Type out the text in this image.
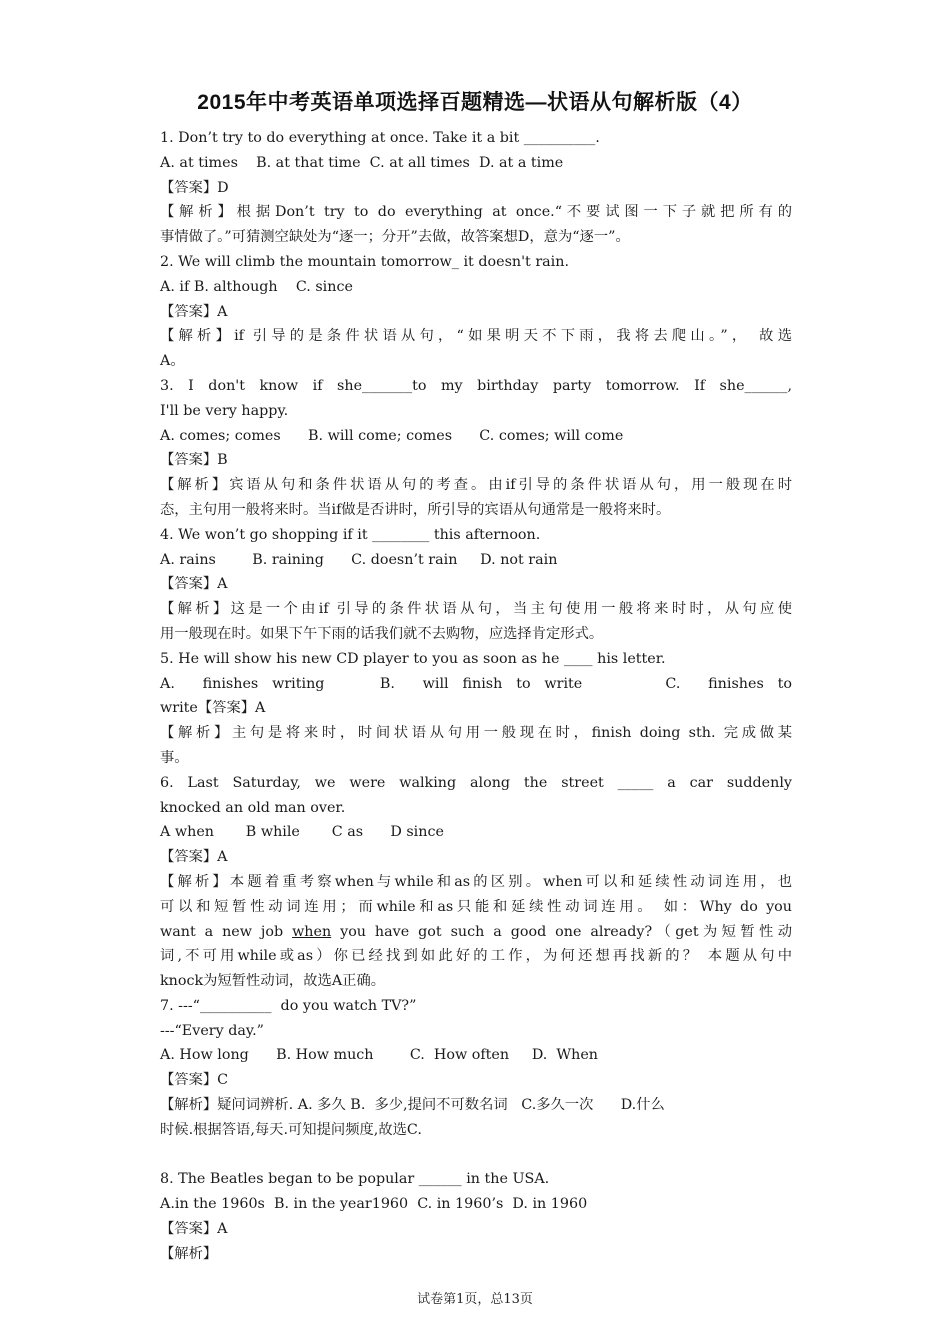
2015年中考英语单项选择百题精选—状语从句解析版（4）
1. Don’t try to do everything at once. Take it a bit __________.
A. at times    B. at that time  C. at all times  D. at a time
【答案】D
【解析】根据Don’t try to do everything at once.“不要试图一下子就把所有的
事情做了。”可猜测空缺处为“逐一；分开”去做，故答案想D，意为“逐一”。
2. We will climb the mountain tomorrow_ it doesn't rain.
A. if B. although    C. since
【答案】A
【解析】if 引导的是条件状语从句，“如果明天不下雨，我将去爬山。”， 故选
A。
3. I don't know if she_______to my birthday party tomorrow. If she______,
I'll be very happy.
A. comes; comes      B. will come; comes      C. comes; will come
【答案】B
【解析】宾语从句和条件状语从句的考查。由if引导的条件状语从句，用一般现在时
态，主句用一般将来时。当if做是否讲时，所引导的宾语从句通常是一般将来时。
4. We won’t go shopping if it ________ this afternoon.
A. rains        B. raining      C. doesn’t rain     D. not rain
【答案】A
【解析】这是一个由if 引导的条件状语从句，当主句使用一般将来时时，从句应使
用一般现在时。如果下午下雨的话我们就不去购物，应选择肯定形式。
5. He will show his new CD player to you as soon as he ____ his letter.
A.  finishes writing    B.  will finish to write      C.  finishes to
write【答案】A
【解析】主句是将来时，时间状语从句用一般现在时，finish doing sth. 完成做某
事。
6. Last Saturday, we were walking along the street _____ a car suddenly
knocked an old man over.
A when       B while       C as      D since
【答案】A
【解析】本题着重考察when与while和as的区别。when可以和延续性动词连用，也
可以和短暂性动词连用；而while和as只能和延续性动词连用。 如：Why do you
want a new job when you have got such a good one already?（get为短暂性动
词,不可用while或as）你已经找到如此好的工作，为何还想再找新的？ 本题从句中
knock为短暂性动词，故选A正确。
7. ---“__________  do you watch TV?”
---“Every day.”
A. How long      B. How much        C.  How often     D.  When
【答案】C
【解析】疑问词辨析. A. 多久 B.  多少,提问不可数名词   C.多久一次      D.什么
时候.根据答语,每天.可知提问频度,故选C.
8. The Beatles began to be popular ______ in the USA.
A.in the 1960s  B. in the year1960  C. in 1960’s  D. in 1960
【答案】A
【解析】
试卷第1页，总13页
